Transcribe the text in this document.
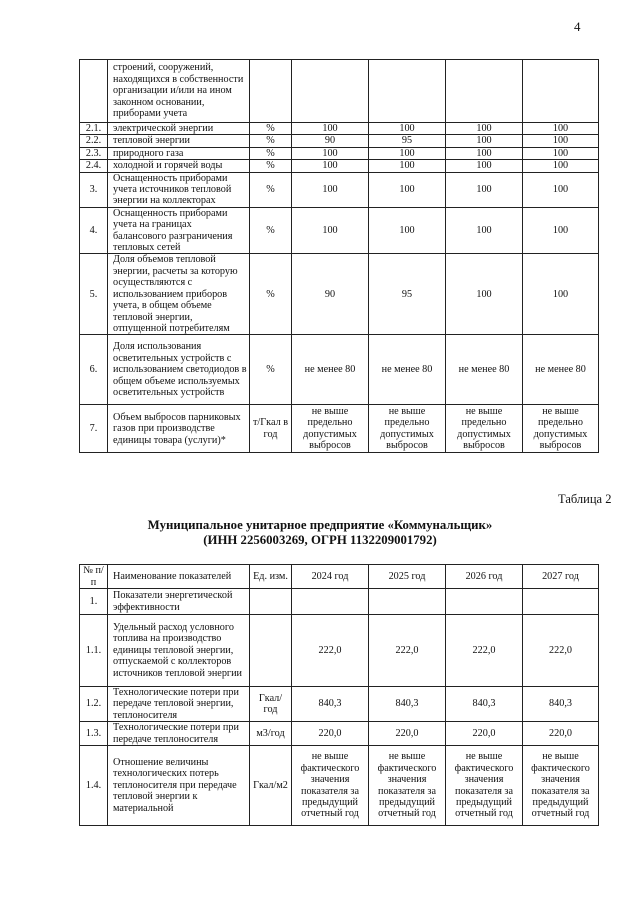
4
	строений, сооружений, находящихся в собственности организации и/или на ином законном основании, приборами учета					
2.1.	электрической энергии	%	100	100	100	100
2.2.	тепловой энергии	%	90	95	100	100
2.3.	природного газа	%	100	100	100	100
2.4.	холодной и горячей воды	%	100	100	100	100
3.	Оснащенность приборами учета источников тепловой энергии на коллекторах	%	100	100	100	100
4.	Оснащенность приборами учета на границах балансового разграничения тепловых сетей	%	100	100	100	100
5.	Доля объемов тепловой энергии, расчеты за которую осуществляются с использованием приборов учета, в общем объеме тепловой энергии, отпущенной потребителям	%	90	95	100	100
6.	Доля использования осветительных устройств с использованием светодиодов в общем объеме используемых осветительных устройств	%	не менее 80	не менее 80	не менее 80	не менее 80
7.	Объем выбросов парниковых газов при производстве единицы товара (услуги)*	т/Гкал в год	не выше предельно допустимых выбросов	не выше предельно допустимых выбросов	не выше предельно допустимых выбросов	не выше предельно допустимых выбросов
Таблица 2
Муниципальное унитарное предприятие «Коммунальщик»
(ИНН 2256003269, ОГРН 1132209001792)
№ п/п	Наименование показателей	Ед. изм.	2024 год	2025 год	2026 год	2027 год
1.	Показатели энергетической эффективности					
1.1.	Удельный расход условного топлива на производство единицы тепловой энергии, отпускаемой с коллекторов источников тепловой энергии		222,0	222,0	222,0	222,0
1.2.	Технологические потери при передаче тепловой энергии, теплоносителя	Гкал/год	840,3	840,3	840,3	840,3
1.3.	Технологические потери при передаче теплоносителя	м3/год	220,0	220,0	220,0	220,0
1.4.	Отношение величины технологических потерь теплоносителя при передаче тепловой энергии к материальной	Гкал/м2	не выше фактического значения показателя за предыдущий отчетный год	не выше фактического значения показателя за предыдущий отчетный год	не выше фактического значения показателя за предыдущий отчетный год	не выше фактического значения показателя за предыдущий отчетный год
